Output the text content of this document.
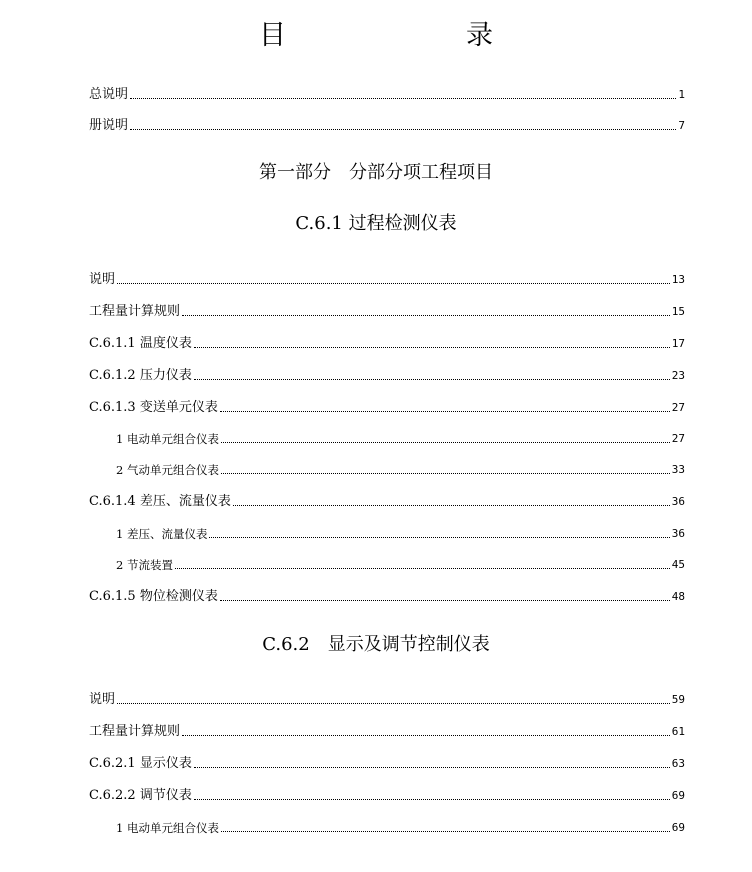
目　　录
总说明	1
册说明	7
第一部分　分部分项工程项目
C.6.1 过程检测仪表
说明	13
工程量计算规则	15
C.6.1.1 温度仪表	17
C.6.1.2 压力仪表	23
C.6.1.3 变送单元仪表	27
1 电动单元组合仪表	27
2 气动单元组合仪表	33
C.6.1.4 差压、流量仪表	36
1 差压、流量仪表	36
2 节流装置	45
C.6.1.5 物位检测仪表	48
C.6.2　显示及调节控制仪表
说明	59
工程量计算规则	61
C.6.2.1 显示仪表	63
C.6.2.2 调节仪表	69
1 电动单元组合仪表	69
